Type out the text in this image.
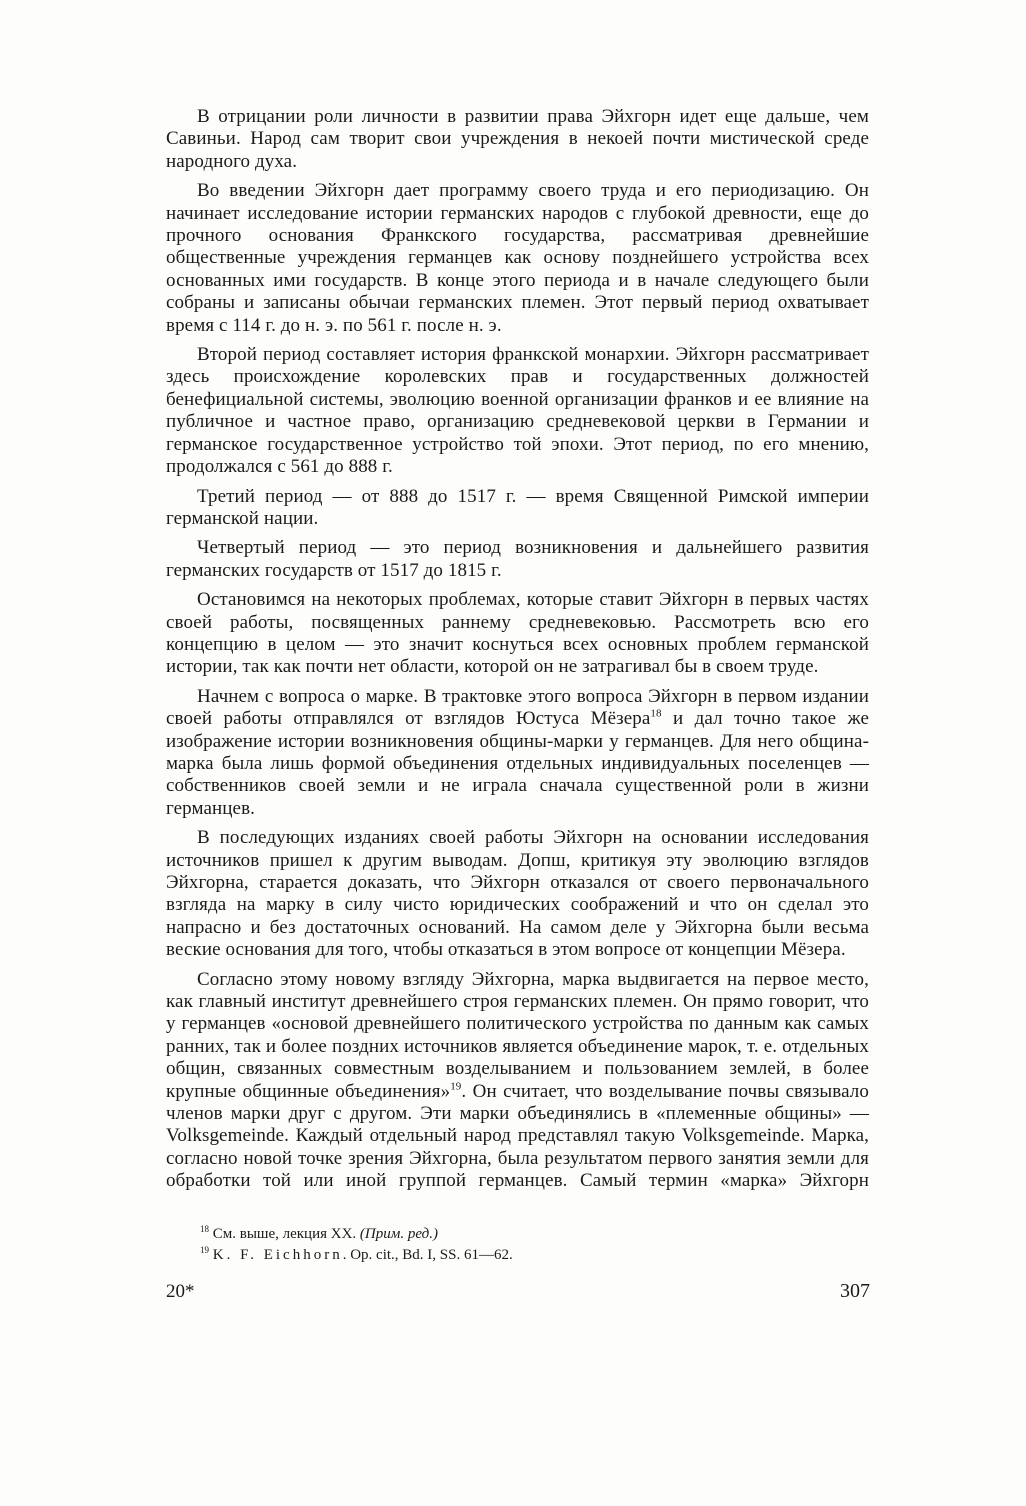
В отрицании роли личности в развитии права Эйхгорн идет еще дальше, чем Савиньи. Народ сам творит свои учреждения в некоей почти мистической среде народного духа.

Во введении Эйхгорн дает программу своего труда и его периодизацию. Он начинает исследование истории германских народов с глубокой древности, еще до прочного основания Франкского государства, рассматривая древнейшие общественные учреждения германцев как основу позднейшего устройства всех основанных ими государств. В конце этого периода и в начале следующего были собраны и записаны обычаи германских племен. Этот первый период охватывает время с 114 г. до н. э. по 561 г. после н. э.

Второй период составляет история франкской монархии. Эйхгорн рассматривает здесь происхождение королевских прав и государственных должностей бенефициальной системы, эволюцию военной организации франков и ее влияние на публичное и частное право, организацию средневековой церкви в Германии и германское государственное устройство той эпохи. Этот период, по его мнению, продолжался с 561 до 888 г.

Третий период — от 888 до 1517 г. — время Священной Римской империи германской нации.

Четвертый период — это период возникновения и дальнейшего развития германских государств от 1517 до 1815 г.

Остановимся на некоторых проблемах, которые ставит Эйхгорн в первых частях своей работы, посвященных раннему средневековью. Рассмотреть всю его концепцию в целом — это значит коснуться всех основных проблем германской истории, так как почти нет области, которой он не затрагивал бы в своем труде.

Начнем с вопроса о марке. В трактовке этого вопроса Эйхгорн в первом издании своей работы отправлялся от взглядов Юстуса Мёзера$^{18}$ и дал точно такое же изображение истории возникновения общины-марки у германцев. Для него община-марка была лишь формой объединения отдельных индивидуальных поселенцев — собственников своей земли и не играла сначала существенной роли в жизни германцев.

В последующих изданиях своей работы Эйхгорн на основании исследования источников пришел к другим выводам. Допш, критикуя эту эволюцию взглядов Эйхгорна, старается доказать, что Эйхгорн отказался от своего первоначального взгляда на марку в силу чисто юридических соображений и что он сделал это напрасно и без достаточных оснований. На самом деле у Эйхгорна были весьма веские основания для того, чтобы отказаться в этом вопросе от концепции Мёзера.

Согласно этому новому взгляду Эйхгорна, марка выдвигается на первое место, как главный институт древнейшего строя германских племен. Он прямо говорит, что у германцев «основой древнейшего политического устройства по данным как самых ранних, так и более поздних источников является объединение марок, т. е. отдельных общин, связанных совместным возделыванием и пользованием землей, в более крупные общинные объединения»$^{19}$. Он считает, что возделывание почвы связывало членов марки друг с другом. Эти марки объединялись в «племенные общины» — Volksgemeinde. Каждый отдельный народ представлял такую Volksgemeinde. Марка, согласно новой точке зрения Эйхгорна, была результатом первого занятия земли для обработки той или иной группой германцев. Самый термин «марка» Эйхгорн

$^{18}$ См. выше, лекция XX. (Прим. ред.)

$^{19}$ K. F. Eichhorn. Op. cit., Bd. I, SS. 61—62.

20*	307
